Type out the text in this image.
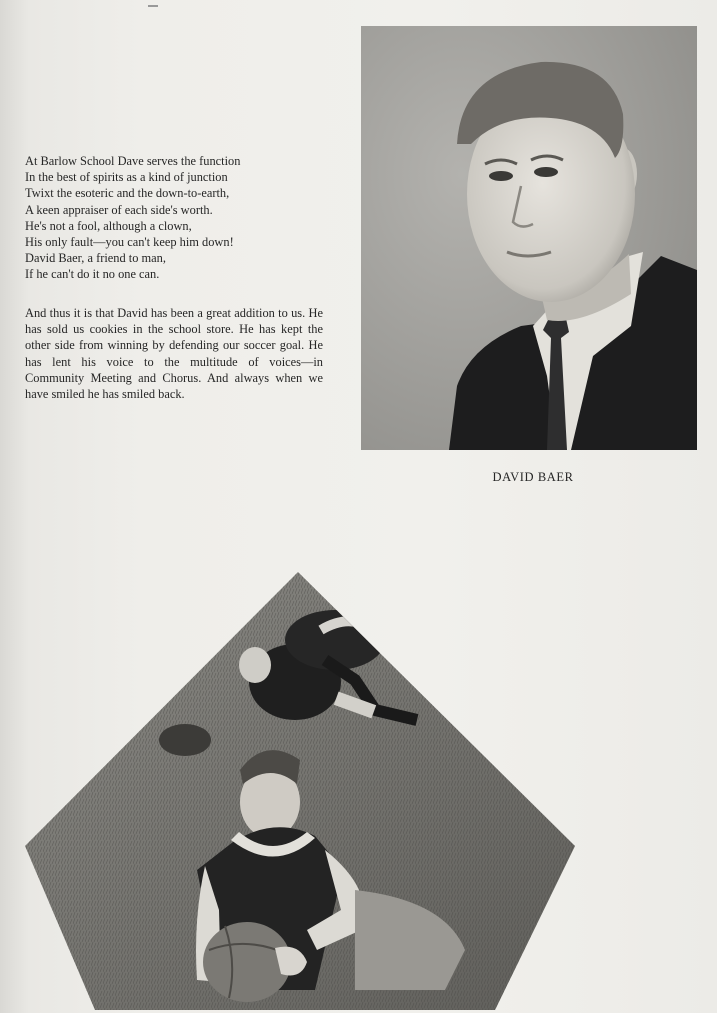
At Barlow School Dave serves the function
In the best of spirits as a kind of junction
Twixt the esoteric and the down-to-earth,
A keen appraiser of each side's worth.
He's not a fool, although a clown,
His only fault—you can't keep him down!
David Baer, a friend to man,
If he can't do it no one can.

And thus it is that David has been a great addition to us. He has sold us cookies in the school store. He has kept the other side from winning by defending our soccer goal. He has lent his voice to the multitude of voices—in Community Meeting and Chorus. And always when we have smiled he has smiled back.

DAVID BAER
